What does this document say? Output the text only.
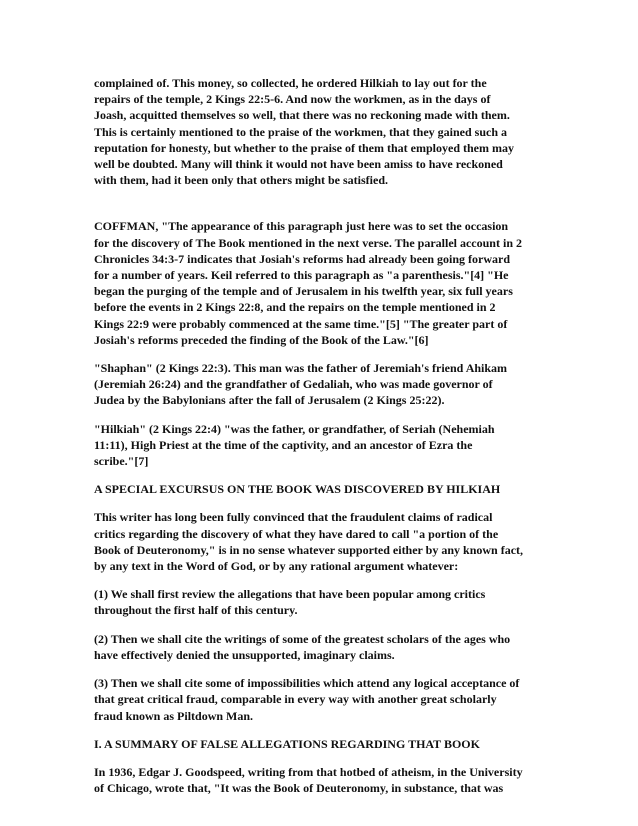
complained of. This money, so collected, he ordered Hilkiah to lay out for the
repairs of the temple, 2 Kings 22:5-6. And now the workmen, as in the days of
Joash, acquitted themselves so well, that there was no reckoning made with them.
This is certainly mentioned to the praise of the workmen, that they gained such a
reputation for honesty, but whether to the praise of them that employed them may
well be doubted. Many will think it would not have been amiss to have reckoned
with them, had it been only that others might be satisfied.

COFFMAN, "The appearance of this paragraph just here was to set the occasion
for the discovery of The Book mentioned in the next verse. The parallel account in 2
Chronicles 34:3-7 indicates that Josiah's reforms had already been going forward
for a number of years. Keil referred to this paragraph as "a parenthesis."[4] "He
began the purging of the temple and of Jerusalem in his twelfth year, six full years
before the events in 2 Kings 22:8, and the repairs on the temple mentioned in 2
Kings 22:9 were probably commenced at the same time."[5] "The greater part of
Josiah's reforms preceded the finding of the Book of the Law."[6]

"Shaphan" (2 Kings 22:3). This man was the father of Jeremiah's friend Ahikam
(Jeremiah 26:24) and the grandfather of Gedaliah, who was made governor of
Judea by the Babylonians after the fall of Jerusalem (2 Kings 25:22).

"Hilkiah" (2 Kings 22:4) "was the father, or grandfather, of Seriah (Nehemiah
11:11), High Priest at the time of the captivity, and an ancestor of Ezra the
scribe."[7]

A SPECIAL EXCURSUS ON THE BOOK WAS DISCOVERED BY HILKIAH

This writer has long been fully convinced that the fraudulent claims of radical
critics regarding the discovery of what they have dared to call "a portion of the
Book of Deuteronomy," is in no sense whatever supported either by any known fact,
by any text in the Word of God, or by any rational argument whatever:

(1) We shall first review the allegations that have been popular among critics
throughout the first half of this century.

(2) Then we shall cite the writings of some of the greatest scholars of the ages who
have effectively denied the unsupported, imaginary claims.

(3) Then we shall cite some of impossibilities which attend any logical acceptance of
that great critical fraud, comparable in every way with another great scholarly
fraud known as Piltdown Man.

I. A SUMMARY OF FALSE ALLEGATIONS REGARDING THAT BOOK

In 1936, Edgar J. Goodspeed, writing from that hotbed of atheism, in the University
of Chicago, wrote that, "It was the Book of Deuteronomy, in substance, that was
